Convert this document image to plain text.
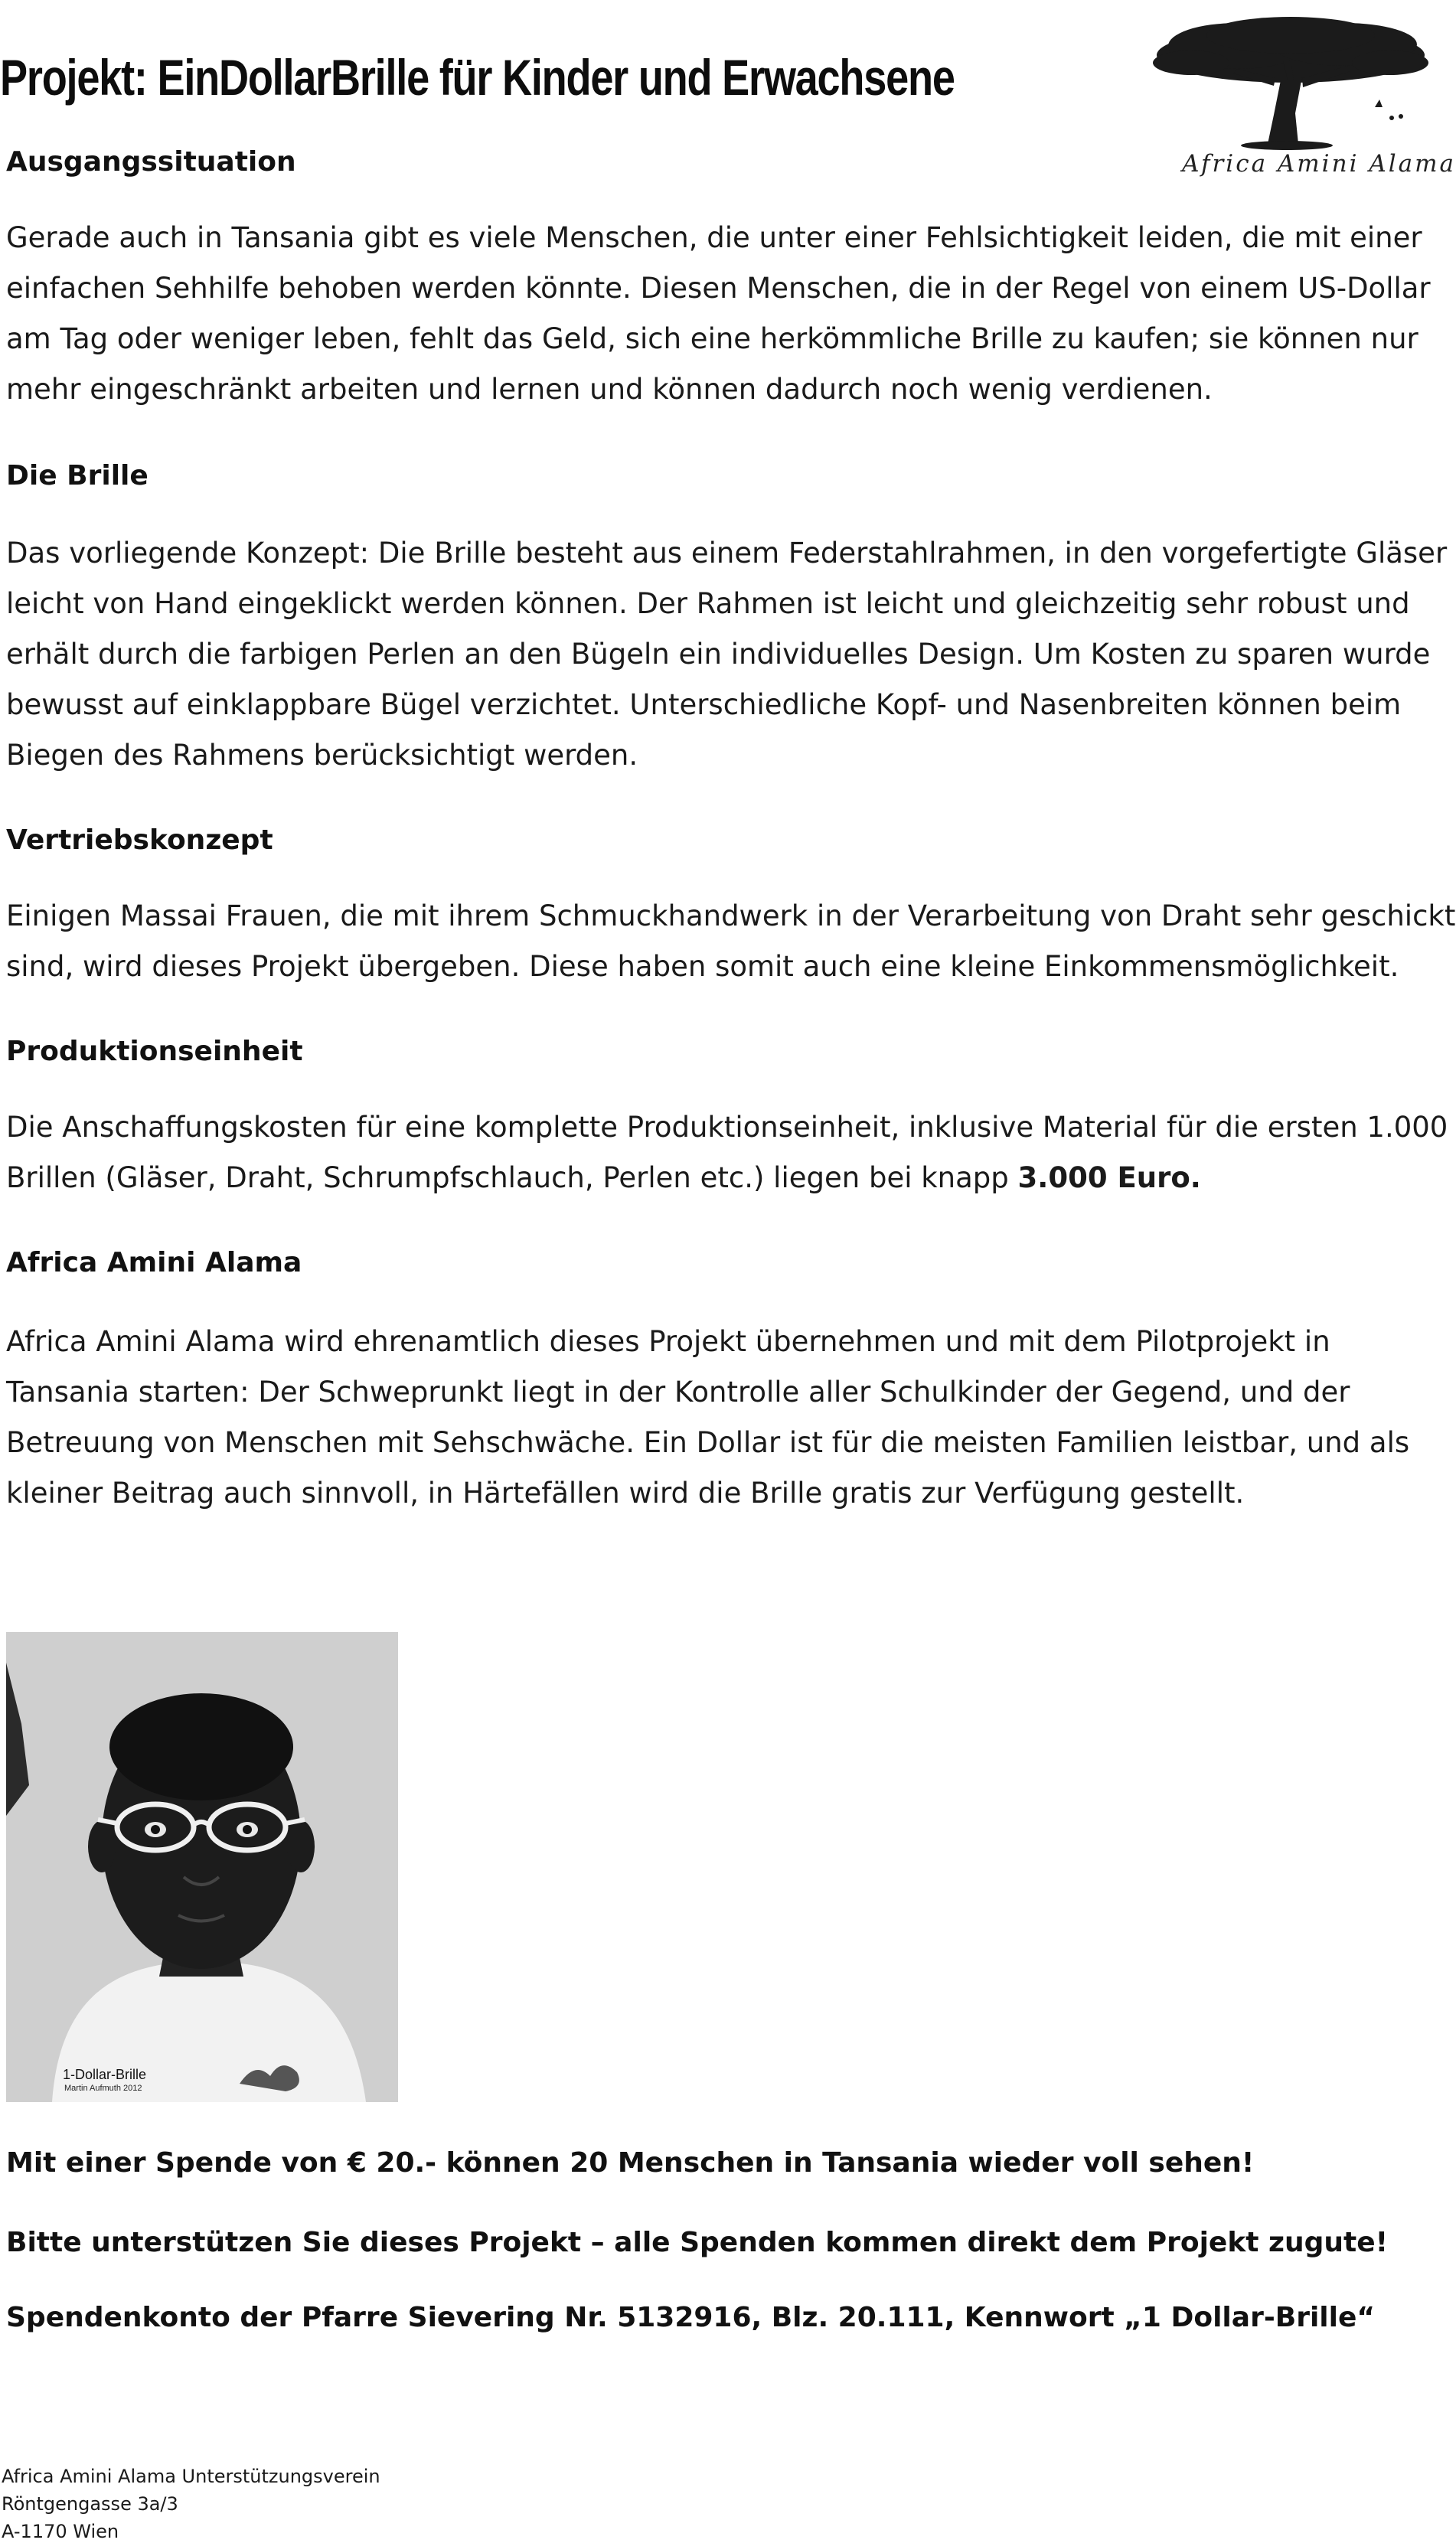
Projekt: EinDollarBrille für Kinder und Erwachsene
Africa Amini Alama
Ausgangssituation

Gerade auch in Tansania gibt es viele Menschen, die unter einer Fehlsichtigkeit leiden, die mit einer
einfachen Sehhilfe behoben werden könnte. Diesen Menschen, die in der Regel von einem US-Dollar
am Tag oder weniger leben, fehlt das Geld, sich eine herkömmliche Brille zu kaufen; sie können nur
mehr eingeschränkt arbeiten und lernen und können dadurch noch wenig verdienen.

Die Brille

Das vorliegende Konzept: Die Brille besteht aus einem Federstahlrahmen, in den vorgefertigte Gläser
leicht von Hand eingeklickt werden können. Der Rahmen ist leicht und gleichzeitig sehr robust und
erhält durch die farbigen Perlen an den Bügeln ein individuelles Design. Um Kosten zu sparen wurde
bewusst auf einklappbare Bügel verzichtet. Unterschiedliche Kopf- und Nasenbreiten können beim
Biegen des Rahmens berücksichtigt werden.

Vertriebskonzept

Einigen Massai Frauen, die mit ihrem Schmuckhandwerk in der Verarbeitung von Draht sehr geschickt
sind, wird dieses Projekt übergeben. Diese haben somit auch eine kleine Einkommensmöglichkeit.

Produktionseinheit

Die Anschaffungskosten für eine komplette Produktionseinheit, inklusive Material für die ersten 1.000
Brillen (Gläser, Draht, Schrumpfschlauch, Perlen etc.) liegen bei knapp 3.000 Euro.

Africa Amini Alama

Africa Amini Alama wird ehrenamtlich dieses Projekt übernehmen und mit dem Pilotprojekt in
Tansania starten: Der Schweprunkt liegt in der Kontrolle aller Schulkinder der Gegend, und der
Betreuung von Menschen mit Sehschwäche. Ein Dollar ist für die meisten Familien leistbar, und als
kleiner Beitrag auch sinnvoll, in Härtefällen wird die Brille gratis zur Verfügung gestellt.

1-Dollar-Brille
Martin Aufmuth 2012

Mit einer Spende von € 20.- können 20 Menschen in Tansania wieder voll sehen!

Bitte unterstützen Sie dieses Projekt – alle Spenden kommen direkt dem Projekt zugute!

Spendenkonto der Pfarre Sievering Nr. 5132916, Blz. 20.111, Kennwort „1 Dollar-Brille“

Africa Amini Alama Unterstützungsverein

Röntgengasse 3a/3

A-1170 Wien
